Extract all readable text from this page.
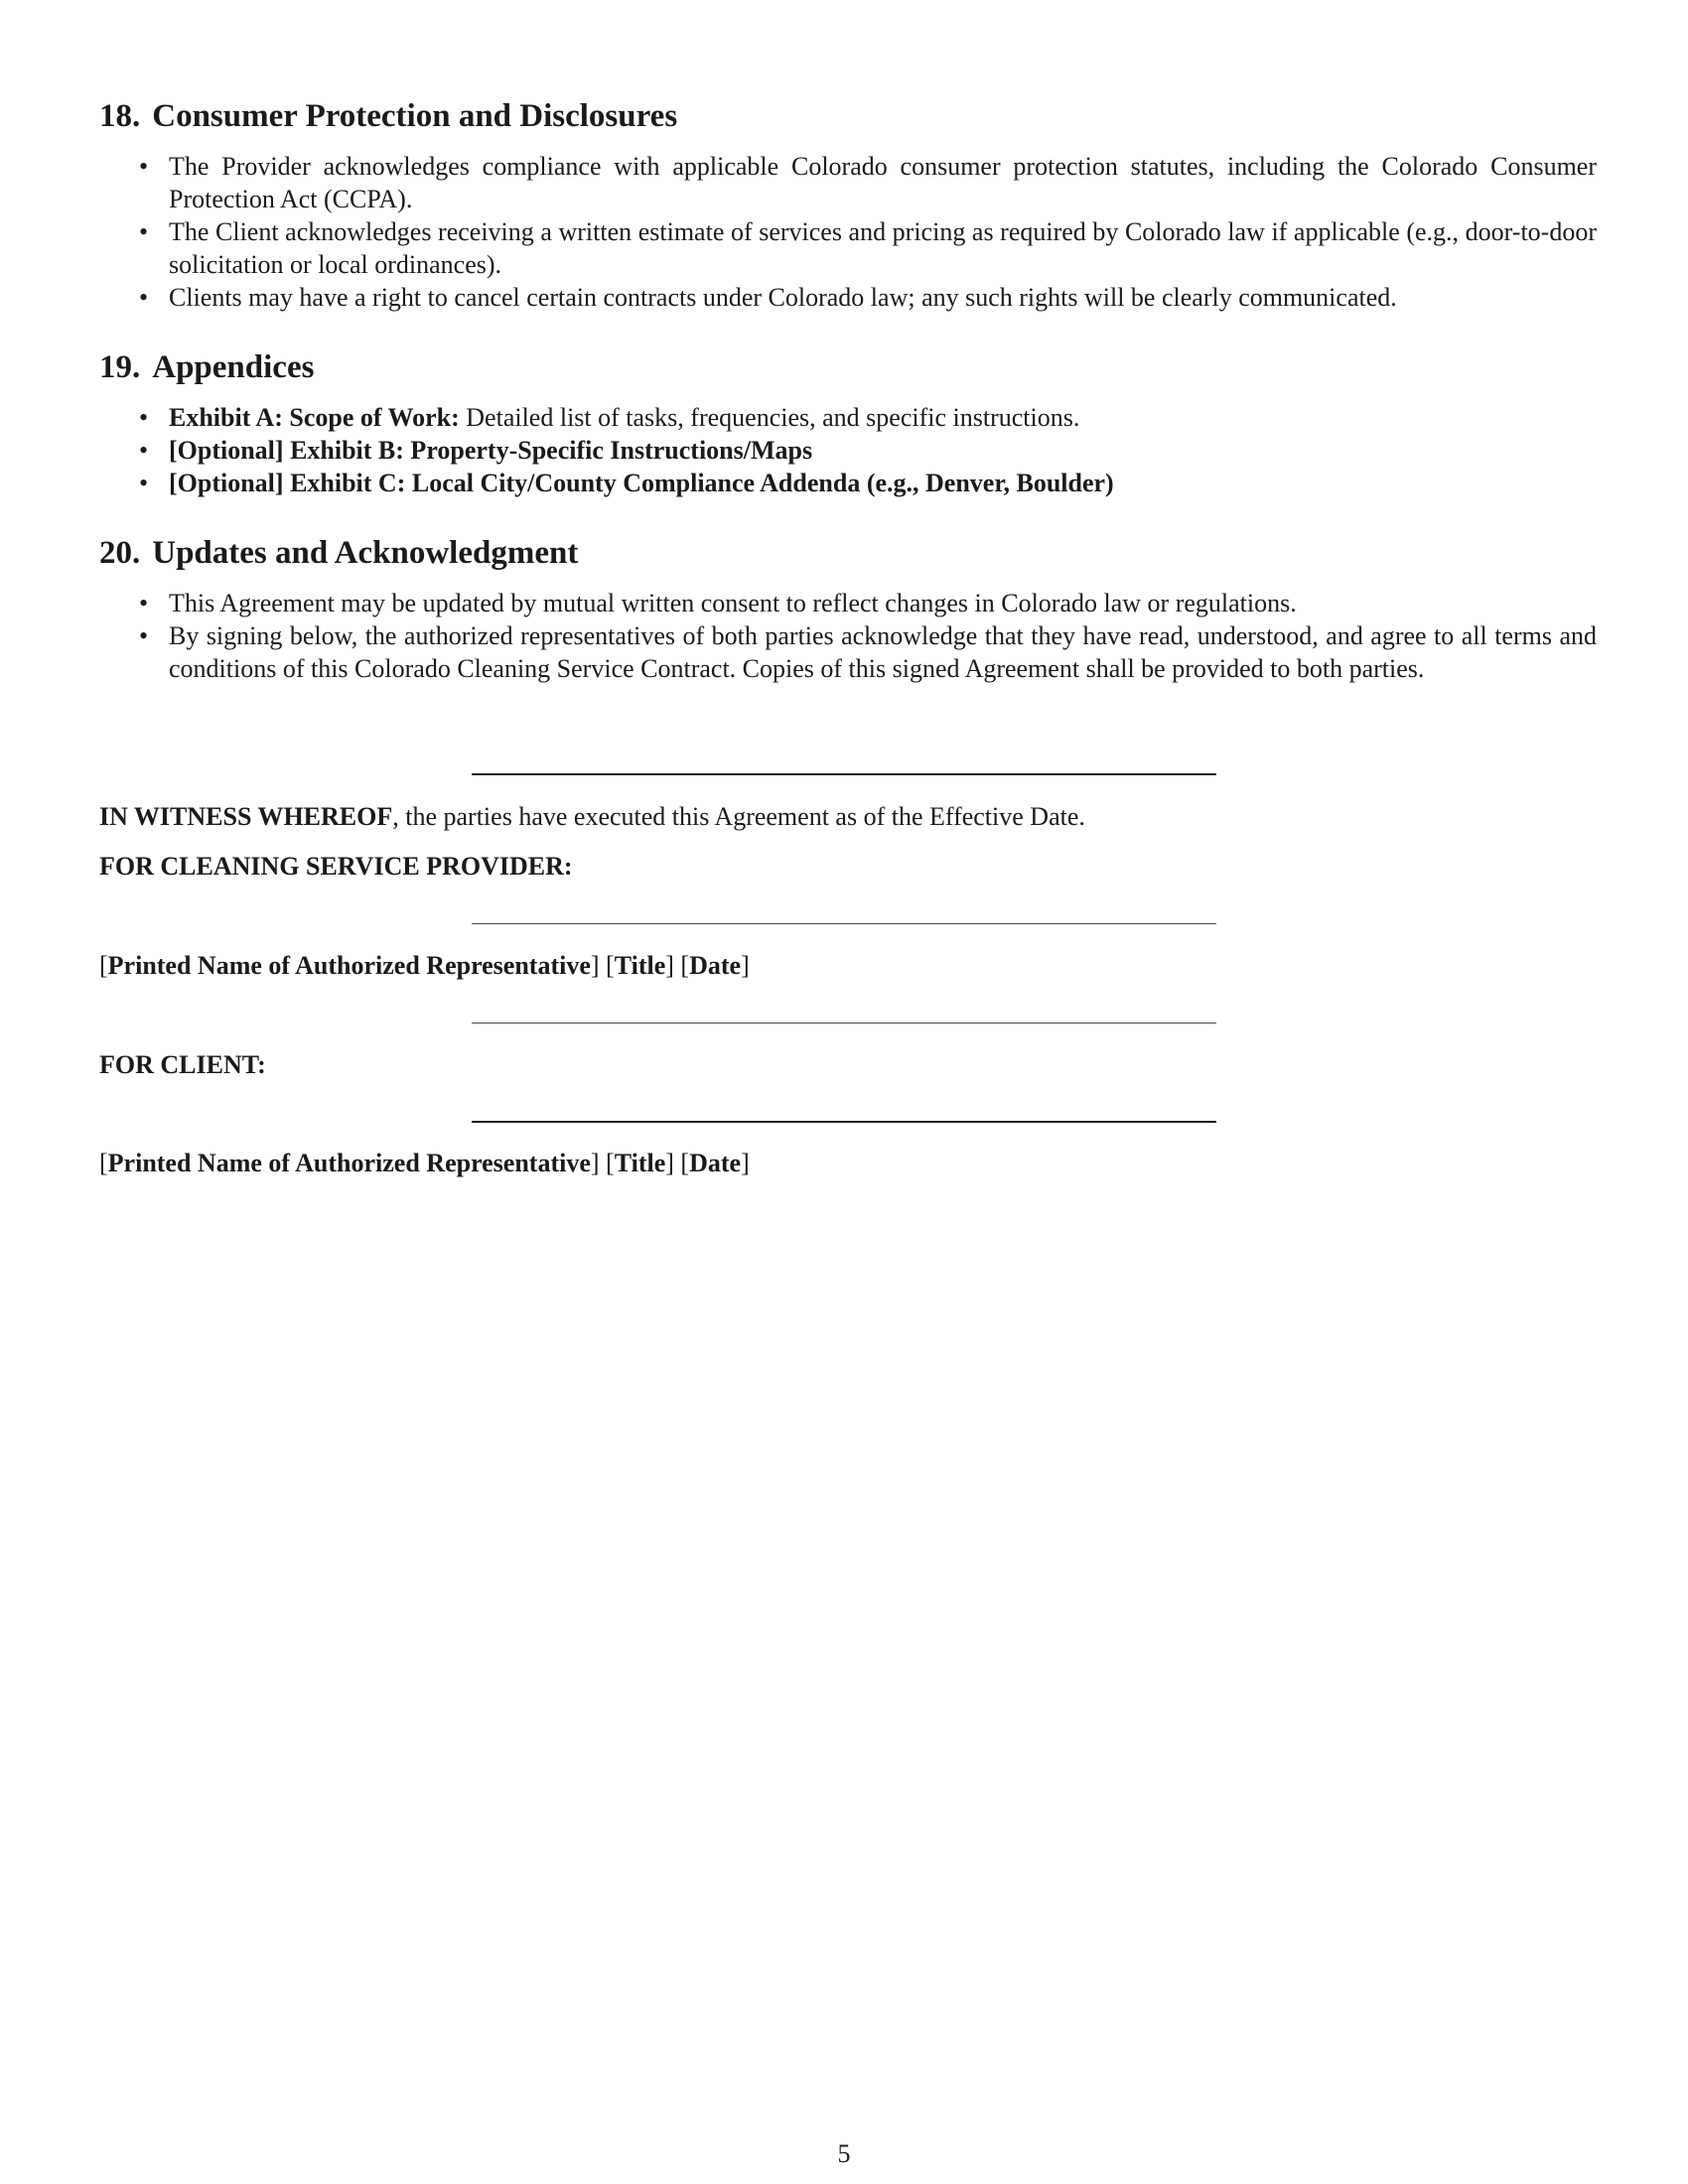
18. Consumer Protection and Disclosures
• The Provider acknowledges compliance with applicable Colorado consumer protection statutes, including the Colorado Consumer Protection Act (CCPA).
• The Client acknowledges receiving a written estimate of services and pricing as required by Colorado law if applicable (e.g., door-to-door solicitation or local ordinances).
• Clients may have a right to cancel certain contracts under Colorado law; any such rights will be clearly communicated.
19. Appendices
• Exhibit A: Scope of Work: Detailed list of tasks, frequencies, and specific instructions.
• [Optional] Exhibit B: Property-Specific Instructions/Maps
• [Optional] Exhibit C: Local City/County Compliance Addenda (e.g., Denver, Boulder)
20. Updates and Acknowledgment
• This Agreement may be updated by mutual written consent to reflect changes in Colorado law or regulations.
• By signing below, the authorized representatives of both parties acknowledge that they have read, understood, and agree to all terms and conditions of this Colorado Cleaning Service Contract. Copies of this signed Agreement shall be provided to both parties.
IN WITNESS WHEREOF, the parties have executed this Agreement as of the Effective Date.
FOR CLEANING SERVICE PROVIDER:
[Printed Name of Authorized Representative] [Title] [Date]
FOR CLIENT:
[Printed Name of Authorized Representative] [Title] [Date]
5
